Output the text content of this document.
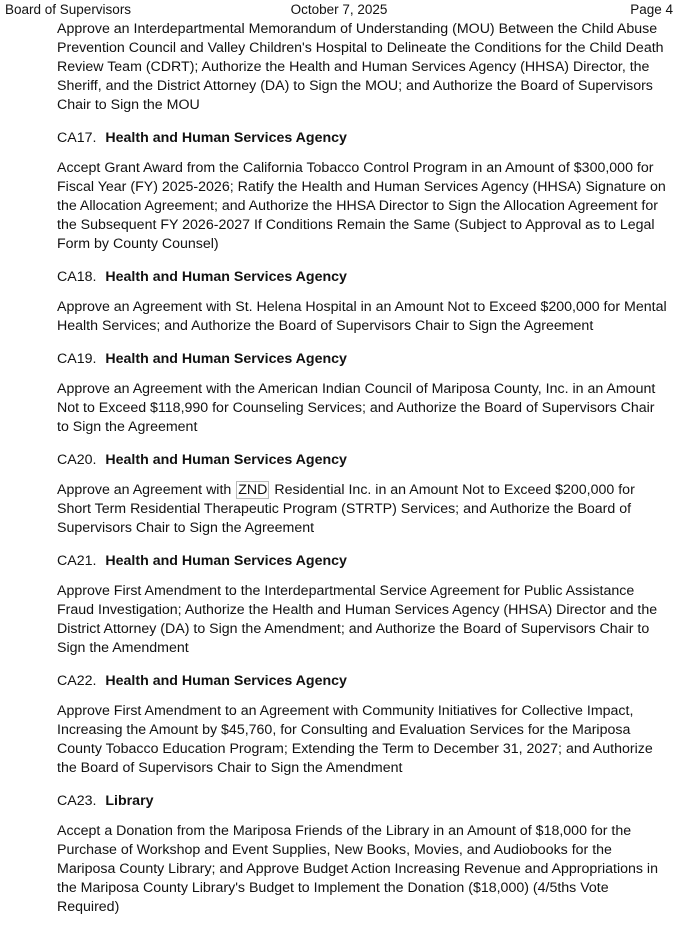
Board of Supervisors	October 7, 2025	Page 4

Approve an Interdepartmental Memorandum of Understanding (MOU) Between the Child Abuse Prevention Council and Valley Children's Hospital to Delineate the Conditions for the Child Death Review Team (CDRT); Authorize the Health and Human Services Agency (HHSA) Director, the Sheriff, and the District Attorney (DA) to Sign the MOU; and Authorize the Board of Supervisors Chair to Sign the MOU

CA17. Health and Human Services Agency

Accept Grant Award from the California Tobacco Control Program in an Amount of $300,000 for Fiscal Year (FY) 2025-2026; Ratify the Health and Human Services Agency (HHSA) Signature on the Allocation Agreement; and Authorize the HHSA Director to Sign the Allocation Agreement for the Subsequent FY 2026-2027 If Conditions Remain the Same (Subject to Approval as to Legal Form by County Counsel)

CA18. Health and Human Services Agency

Approve an Agreement with St. Helena Hospital in an Amount Not to Exceed $200,000 for Mental Health Services; and Authorize the Board of Supervisors Chair to Sign the Agreement

CA19. Health and Human Services Agency

Approve an Agreement with the American Indian Council of Mariposa County, Inc. in an Amount Not to Exceed $118,990 for Counseling Services; and Authorize the Board of Supervisors Chair to Sign the Agreement

CA20. Health and Human Services Agency

Approve an Agreement with ZND Residential Inc. in an Amount Not to Exceed $200,000 for Short Term Residential Therapeutic Program (STRTP) Services; and Authorize the Board of Supervisors Chair to Sign the Agreement

CA21. Health and Human Services Agency

Approve First Amendment to the Interdepartmental Service Agreement for Public Assistance Fraud Investigation; Authorize the Health and Human Services Agency (HHSA) Director and the District Attorney (DA) to Sign the Amendment; and Authorize the Board of Supervisors Chair to Sign the Amendment

CA22. Health and Human Services Agency

Approve First Amendment to an Agreement with Community Initiatives for Collective Impact, Increasing the Amount by $45,760, for Consulting and Evaluation Services for the Mariposa County Tobacco Education Program; Extending the Term to December 31, 2027; and Authorize the Board of Supervisors Chair to Sign the Amendment

CA23. Library

Accept a Donation from the Mariposa Friends of the Library in an Amount of $18,000 for the Purchase of Workshop and Event Supplies, New Books, Movies, and Audiobooks for the Mariposa County Library; and Approve Budget Action Increasing Revenue and Appropriations in the Mariposa County Library's Budget to Implement the Donation ($18,000) (4/5ths Vote Required)
